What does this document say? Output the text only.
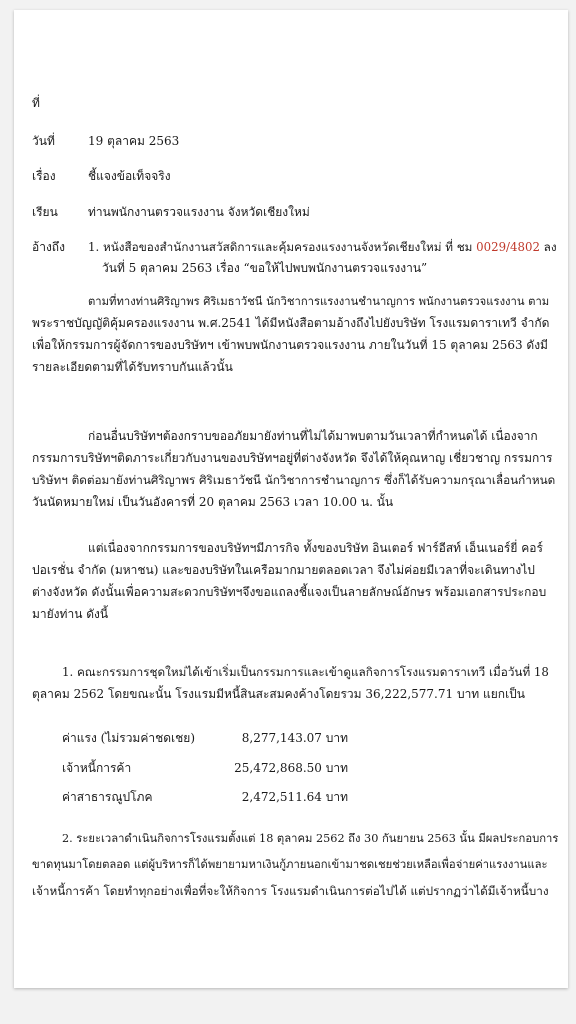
ที่
วันที่	19 ตุลาคม 2563
เรื่อง	ชี้แจงข้อเท็จจริง
เรียน	ท่านพนักงานตรวจแรงงาน จังหวัดเชียงใหม่
อ้างถึง 1. หนังสือของสำนักงานสวัสดิการและคุ้มครองแรงงานจังหวัดเชียงใหม่ ที่ ชม 0029/4802 ลง
วันที่ 5 ตุลาคม 2563 เรื่อง “ขอให้ไปพบพนักงานตรวจแรงงาน”
ตามที่ทางท่านศิริญาพร ศิริเมธาวัชนี นักวิชาการแรงงานชำนาญการ พนักงานตรวจแรงงาน ตาม
พระราชบัญญัติคุ้มครองแรงงาน พ.ศ.2541 ได้มีหนังสือตามอ้างถึงไปยังบริษัท โรงแรมดาราเทวี จำกัด
เพื่อให้กรรมการผู้จัดการของบริษัทฯ เข้าพบพนักงานตรวจแรงงาน ภายในวันที่ 15 ตุลาคม 2563 ดังมี
รายละเอียดตามที่ได้รับทราบกันแล้วนั้น
ก่อนอื่นบริษัทฯต้องกราบขออภัยมายังท่านที่ไม่ได้มาพบตามวันเวลาที่กำหนดได้ เนื่องจาก
กรรมการบริษัทฯติดภาระเกี่ยวกับงานของบริษัทฯอยู่ที่ต่างจังหวัด จึงได้ให้คุณหาญ เชี่ยวชาญ กรรมการ
บริษัทฯ ติดต่อมายังท่านศิริญาพร ศิริเมธาวัชนี นักวิชาการชำนาญการ ซึ่งก็ได้รับความกรุณาเลื่อนกำหนด
วันนัดหมายใหม่ เป็นวันอังคารที่ 20 ตุลาคม 2563 เวลา 10.00 น. นั้น
แต่เนื่องจากกรรมการของบริษัทฯมีภารกิจ ทั้งของบริษัท อินเตอร์ ฟาร์อีสท์ เอ็นเนอร์ยี่ คอร์
ปอเรชั่น จำกัด (มหาชน) และของบริษัทในเครือมากมายตลอดเวลา จึงไม่ค่อยมีเวลาที่จะเดินทางไป
ต่างจังหวัด ดังนั้นเพื่อความสะดวกบริษัทฯจึงขอแถลงชี้แจงเป็นลายลักษณ์อักษร พร้อมเอกสารประกอบ
มายังท่าน ดังนี้
1. คณะกรรมการชุดใหม่ได้เข้าเริ่มเป็นกรรมการและเข้าดูแลกิจการโรงแรมดาราเทวี เมื่อวันที่ 18
ตุลาคม 2562 โดยขณะนั้น โรงแรมมีหนี้สินสะสมคงค้างโดยรวม 36,222,577.71 บาท แยกเป็น
ค่าแรง (ไม่รวมค่าชดเชย)	8,277,143.07 บาท
เจ้าหนี้การค้า	25,472,868.50 บาท
ค่าสาธารณูปโภค	2,472,511.64 บาท
2. ระยะเวลาดำเนินกิจการโรงแรมตั้งแต่ 18 ตุลาคม 2562 ถึง 30 กันยายน 2563 นั้น มีผลประกอบการ
ขาดทุนมาโดยตลอด แต่ผู้บริหารก็ได้พยายามหาเงินกู้ภายนอกเข้ามาชดเชยช่วยเหลือเพื่อจ่ายค่าแรงงานและ
เจ้าหนี้การค้า โดยทำทุกอย่างเพื่อที่จะให้กิจการ โรงแรมดำเนินการต่อไปได้ แต่ปรากฏว่าได้มีเจ้าหนี้บาง
